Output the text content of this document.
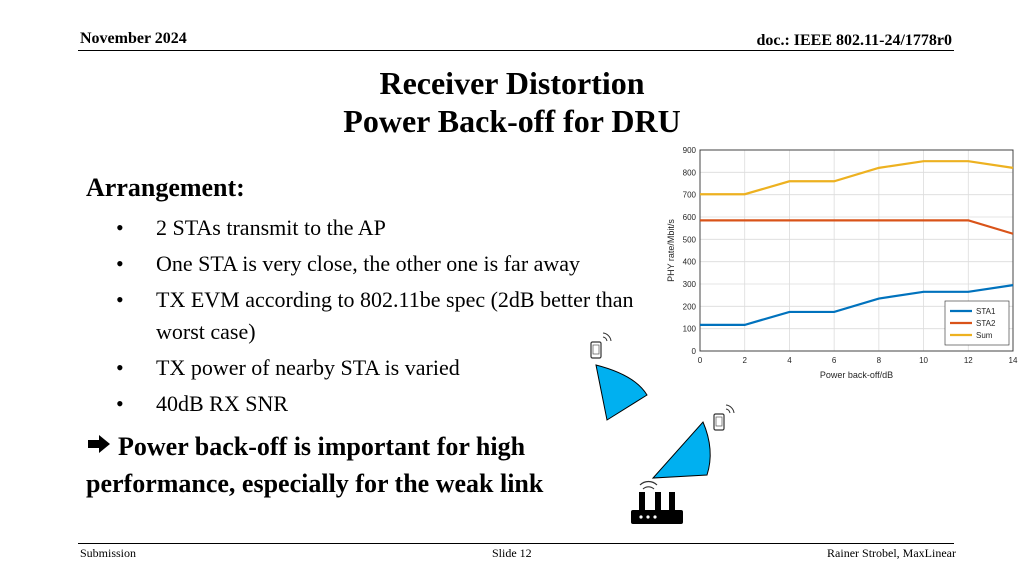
November 2024	doc.: IEEE 802.11-24/1778r0
Receiver Distortion
Power Back-off for DRU
Arrangement:
• 2 STAs transmit to the AP
• One STA is very close, the other one is far away
• TX EVM according to 802.11be spec (2dB better than worst case)
• TX power of nearby STA is varied
• 40dB RX SNR
Power back-off is important for high performance, especially for the weak link
0
100
200
300
400
500
600
700
800
900
0	2	4	6	8	10	12	14
Power back-off/dB
PHY rate/Mbit/s
STA1
STA2
Sum
Submission	Slide 12	Rainer Strobel, MaxLinear
